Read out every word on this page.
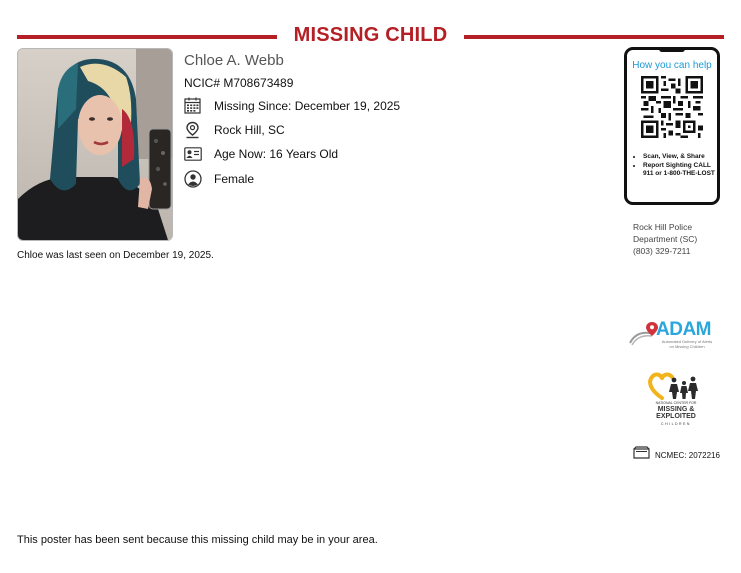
MISSING CHILD
Chloe A. Webb
NCIC# M708673489
Missing Since: December 19, 2025
Rock Hill, SC
Age Now: 16 Years Old
Female
Chloe was last seen on December 19, 2025.
How you can help
• Scan, View, & Share
• Report Sighting CALL 911 or 1-800-THE-LOST
Rock Hill Police
Department (SC)
(803) 329-7211
ADAM
Automated Delivery of Alerts
on Missing Children
NATIONAL CENTER FOR
MISSING &
EXPLOITED
CHILDREN
NCMEC: 2072216
This poster has been sent because this missing child may be in your area.
